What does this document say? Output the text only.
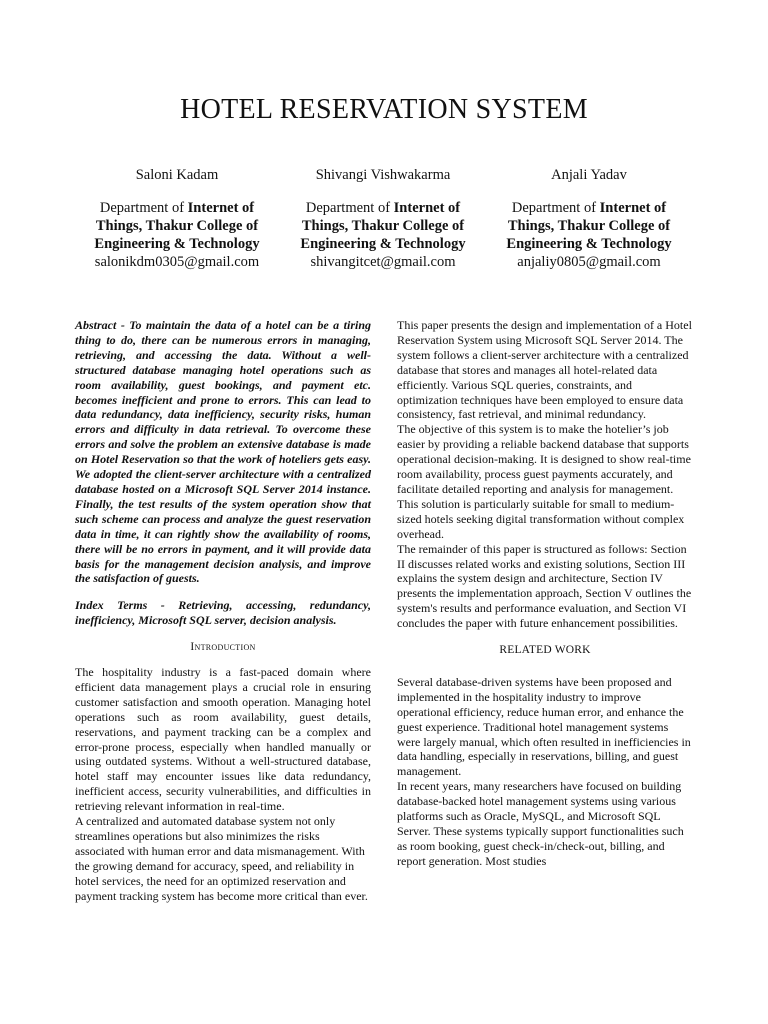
HOTEL RESERVATION SYSTEM
Saloni Kadam
Department of Internet of Things, Thakur College of Engineering & Technology
salonikdm0305@gmail.com
Shivangi Vishwakarma
Department of Internet of Things, Thakur College of Engineering & Technology
shivangitcet@gmail.com
Anjali Yadav
Department of Internet of Things, Thakur College of Engineering & Technology
anjaliy0805@gmail.com

Abstract - To maintain the data of a hotel can be a tiring thing to do, there can be numerous errors in managing, retrieving, and accessing the data. Without a well-structured database managing hotel operations such as room availability, guest bookings, and payment etc. becomes inefficient and prone to errors. This can lead to data redundancy, data inefficiency, security risks, human errors and difficulty in data retrieval. To overcome these errors and solve the problem an extensive database is made on Hotel Reservation so that the work of hoteliers gets easy. We adopted the client-server architecture with a centralized database hosted on a Microsoft SQL Server 2014 instance. Finally, the test results of the system operation show that such scheme can process and analyze the guest reservation data in time, it can rightly show the availability of rooms, there will be no errors in payment, and it will provide data basis for the management decision analysis, and improve the satisfaction of guests.

Index Terms - Retrieving, accessing, redundancy, inefficiency, Microsoft SQL server, decision analysis.

Introduction

The hospitality industry is a fast-paced domain where efficient data management plays a crucial role in ensuring customer satisfaction and smooth operation. Managing hotel operations such as room availability, guest details, reservations, and payment tracking can be a complex and error-prone process, especially when handled manually or using outdated systems. Without a well-structured database, hotel staff may encounter issues like data redundancy, inefficient access, security vulnerabilities, and difficulties in retrieving relevant information in real-time.

A centralized and automated database system not only streamlines operations but also minimizes the risks associated with human error and data mismanagement. With the growing demand for accuracy, speed, and reliability in hotel services, the need for an optimized reservation and payment tracking system has become more critical than ever.

This paper presents the design and implementation of a Hotel Reservation System using Microsoft SQL Server 2014. The system follows a client-server architecture with a centralized database that stores and manages all hotel-related data efficiently. Various SQL queries, constraints, and optimization techniques have been employed to ensure data consistency, fast retrieval, and minimal redundancy.

The objective of this system is to make the hotelier’s job easier by providing a reliable backend database that supports operational decision-making. It is designed to show real-time room availability, process guest payments accurately, and facilitate detailed reporting and analysis for management. This solution is particularly suitable for small to medium-sized hotels seeking digital transformation without complex overhead.

The remainder of this paper is structured as follows: Section II discusses related works and existing solutions, Section III explains the system design and architecture, Section IV presents the implementation approach, Section V outlines the system's results and performance evaluation, and Section VI concludes the paper with future enhancement possibilities.

RELATED WORK

Several database-driven systems have been proposed and implemented in the hospitality industry to improve operational efficiency, reduce human error, and enhance the guest experience. Traditional hotel management systems were largely manual, which often resulted in inefficiencies in data handling, especially in reservations, billing, and guest management.

In recent years, many researchers have focused on building database-backed hotel management systems using various platforms such as Oracle, MySQL, and Microsoft SQL Server. These systems typically support functionalities such as room booking, guest check-in/check-out, billing, and report generation. Most studies
